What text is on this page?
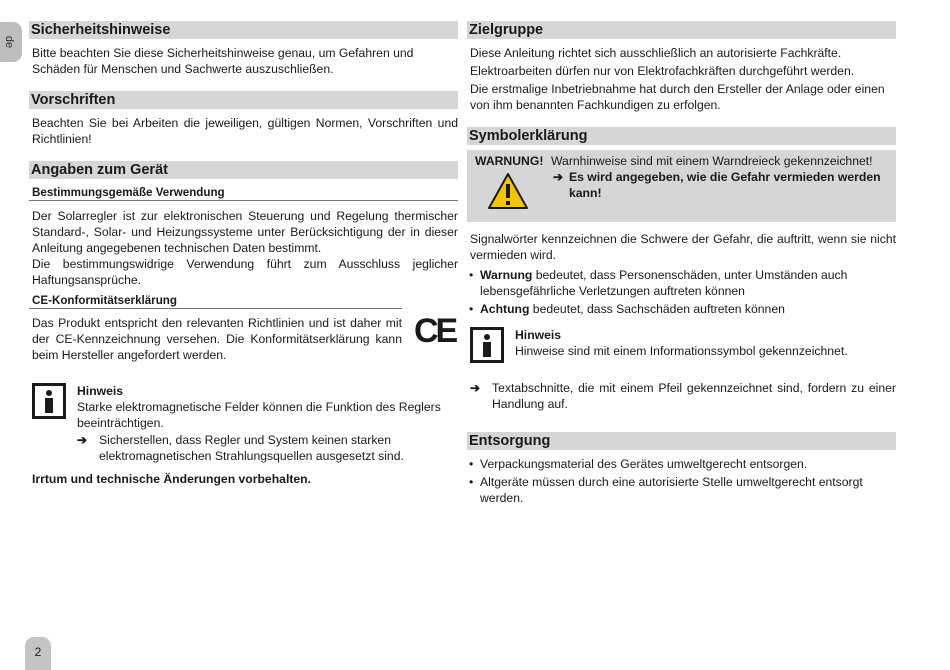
de
2
Sicherheitshinweise

Bitte beachten Sie diese Sicherheitshinweise genau, um Gefahren und Schäden für Menschen und Sachwerte auszuschließen.

Vorschriften

Beachten Sie bei Arbeiten die jeweiligen, gültigen Normen, Vorschriften und Richtlinien!

Angaben zum Gerät
Bestimmungsgemäße Verwendung

Der Solarregler ist zur elektronischen Steuerung und Regelung thermischer Standard-, Solar- und Heizungssysteme unter Berücksichtigung der in dieser Anleitung angegebenen technischen Daten bestimmt.

Die bestimmungswidrige Verwendung führt zum Ausschluss jeglicher Haftungsansprüche.

CE-Konformitätserklärung

Das Produkt entspricht den relevanten Richtlinien und ist daher mit der CE-Kennzeichnung versehen. Die Konformitätserklärung kann beim Hersteller angefordert werden.

CE

Hinweis

Starke elektromagnetische Felder können die Funktion des Reglers beeinträchtigen.

➔ Sicherstellen, dass Regler und System keinen starken elektromagnetischen Strahlungsquellen ausgesetzt sind.

Irrtum und technische Änderungen vorbehalten.

Zielgruppe

Diese Anleitung richtet sich ausschließlich an autorisierte Fachkräfte.

Elektroarbeiten dürfen nur von Elektrofachkräften durchgeführt werden.

Die erstmalige Inbetriebnahme hat durch den Ersteller der Anlage oder einen von ihm benannten Fachkundigen zu erfolgen.

Symbolerklärung
WARNUNG! Warnhinweise sind mit einem Warndreieck gekennzeichnet!
➔ Es wird angegeben, wie die Gefahr vermieden werden kann!

Signalwörter kennzeichnen die Schwere der Gefahr, die auftritt, wenn sie nicht vermieden wird.

• Warnung bedeutet, dass Personenschäden, unter Umständen auch lebensgefährliche Verletzungen auftreten können
• Achtung bedeutet, dass Sachschäden auftreten können

Hinweis

Hinweise sind mit einem Informationssymbol gekennzeichnet.

➔ Textabschnitte, die mit einem Pfeil gekennzeichnet sind, fordern zu einer Handlung auf.

Entsorgung
• Verpackungsmaterial des Gerätes umweltgerecht entsorgen.
• Altgeräte müssen durch eine autorisierte Stelle umweltgerecht entsorgt werden.
